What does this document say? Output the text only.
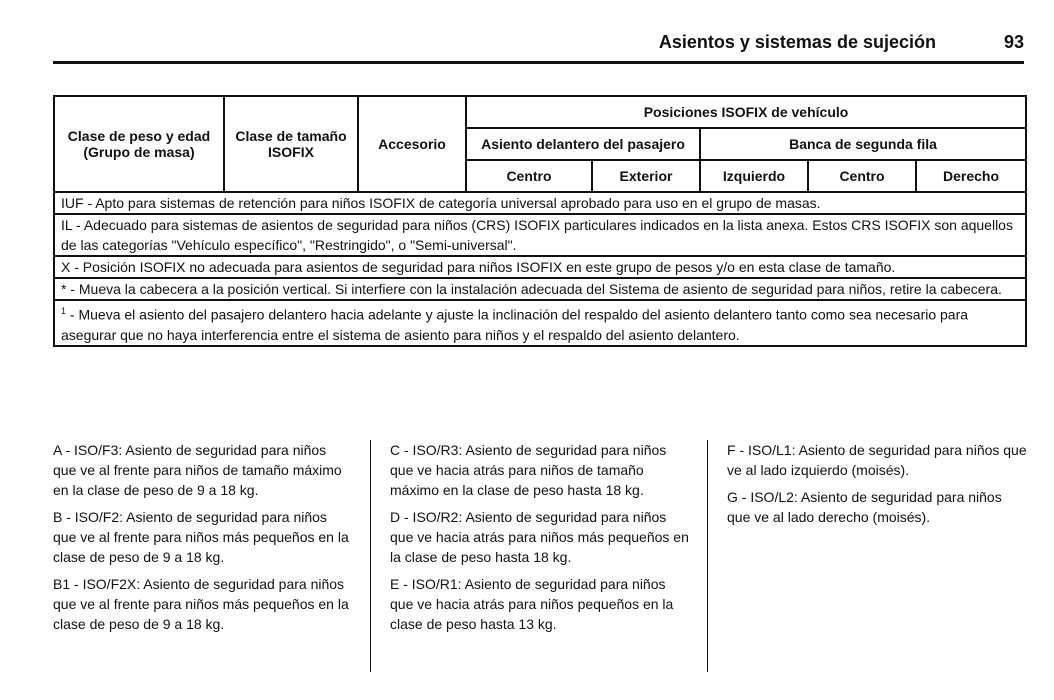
Asientos y sistemas de sujeción	93
Clase de peso y edad (Grupo de masa)	Clase de tamaño ISOFIX	Accesorio	Posiciones ISOFIX de vehículo				
			Asiento delantero del pasajero		Banca de segunda fila		
			Centro	Exterior	Izquierdo	Centro	Derecho
IUF - Apto para sistemas de retención para niños ISOFIX de categoría universal aprobado para uso en el grupo de masas.							
IL - Adecuado para sistemas de asientos de seguridad para niños (CRS) ISOFIX particulares indicados en la lista anexa. Estos CRS ISOFIX son aquellos de las categorías "Vehículo específico", "Restringido", o "Semi-universal".							
X - Posición ISOFIX no adecuada para asientos de seguridad para niños ISOFIX en este grupo de pesos y/o en esta clase de tamaño.							
* - Mueva la cabecera a la posición vertical. Si interfiere con la instalación adecuada del Sistema de asiento de seguridad para niños, retire la cabecera.							
$^1$ - Mueva el asiento del pasajero delantero hacia adelante y ajuste la inclinación del respaldo del asiento delantero tanto como sea necesario para asegurar que no haya interferencia entre el sistema de asiento para niños y el respaldo del asiento delantero.							

A - ISO/F3: Asiento de seguridad para niños que ve al frente para niños de tamaño máximo en la clase de peso de 9 a 18 kg.

B - ISO/F2: Asiento de seguridad para niños que ve al frente para niños más pequeños en la clase de peso de 9 a 18 kg.

B1 - ISO/F2X: Asiento de seguridad para niños que ve al frente para niños más pequeños en la clase de peso de 9 a 18 kg.

C - ISO/R3: Asiento de seguridad para niños que ve hacia atrás para niños de tamaño máximo en la clase de peso hasta 18 kg.

D - ISO/R2: Asiento de seguridad para niños que ve hacia atrás para niños más pequeños en la clase de peso hasta 18 kg.

E - ISO/R1: Asiento de seguridad para niños que ve hacia atrás para niños pequeños en la clase de peso hasta 13 kg.

F - ISO/L1: Asiento de seguridad para niños que ve al lado izquierdo (moisés).

G - ISO/L2: Asiento de seguridad para niños que ve al lado derecho (moisés).
